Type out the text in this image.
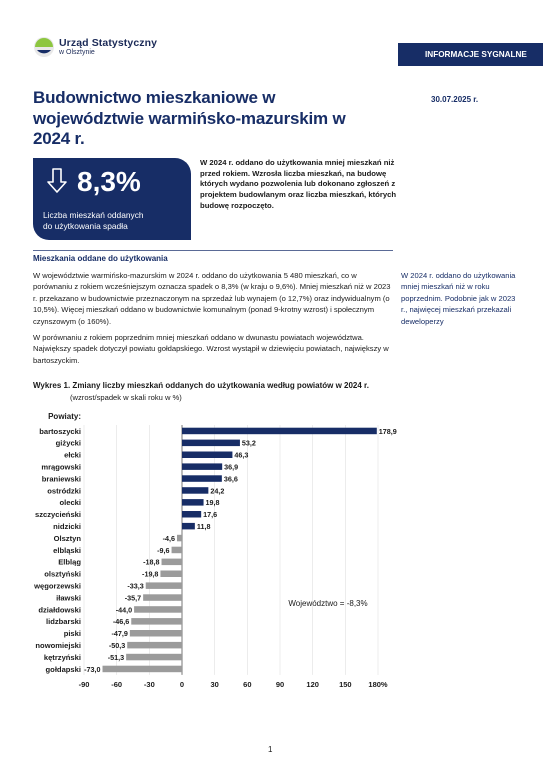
Urząd Statystyczny
w Olsztynie	INFORMACJE SYGNALNE
Budownictwo mieszkaniowe w województwie warmińsko-mazurskim w 2024 r.
30.07.2025 r.
8,3%
Liczba mieszkań oddanych
do użytkowania spadła
W 2024 r. oddano do użytkowania mniej mieszkań niż przed rokiem. Wzrosła liczba mieszkań, na budowę których wydano pozwolenia lub dokonano zgłoszeń z projektem budowlanym oraz liczba mieszkań, których budowę rozpoczęto.
Mieszkania oddane do użytkowania
W województwie warmińsko-mazurskim w 2024 r. oddano do użytkowania 5 480 mieszkań, co w porównaniu z rokiem wcześniejszym oznacza spadek o 8,3% (w kraju o 9,6%). Mniej mieszkań niż w 2023 r. przekazano w budownictwie przeznaczonym na sprzedaż lub wynajem (o 12,7%) oraz indywidualnym (o 10,5%). Więcej mieszkań oddano w budownictwie komunalnym (ponad 9-krotny wzrost) i społecznym czynszowym (o 160%).
W porównaniu z rokiem poprzednim mniej mieszkań oddano w dwunastu powiatach województwa. Największy spadek dotyczył powiatu gołdapskiego. Wzrost wystąpił w dziewięciu powiatach, największy w bartoszyckim.
W 2024 r. oddano do użytkowania mniej mieszkań niż w roku poprzednim. Podobnie jak w 2023 r., najwięcej mieszkań przekazali deweloperzy
Wykres 1. Zmiany liczby mieszkań oddanych do użytkowania według powiatów w 2024 r.
(wzrost/spadek w skali roku w %)
-90	-60	-30	0	30	60	90	120	150 180%
bartoszycki	178,9
giżycki	53,2
ełcki	46,3
mrągowski	36,9
braniewski	36,6
ostródzki	24,2
olecki	19,8
szczycieński	17,6
nidzicki	11,8
Olsztyn	-4,6
elbląski	-9,6
Elbląg	-18,8
olsztyński	-19,8
węgorzewski	-33,3
iławski	-35,7
działdowski	-44,0
lidzbarski	-46,6
piski	-47,9
nowomiejski	-50,3
kętrzyński	-51,3
gołdapski -73,0
Powiaty:
Województwo = -8,3%
1
